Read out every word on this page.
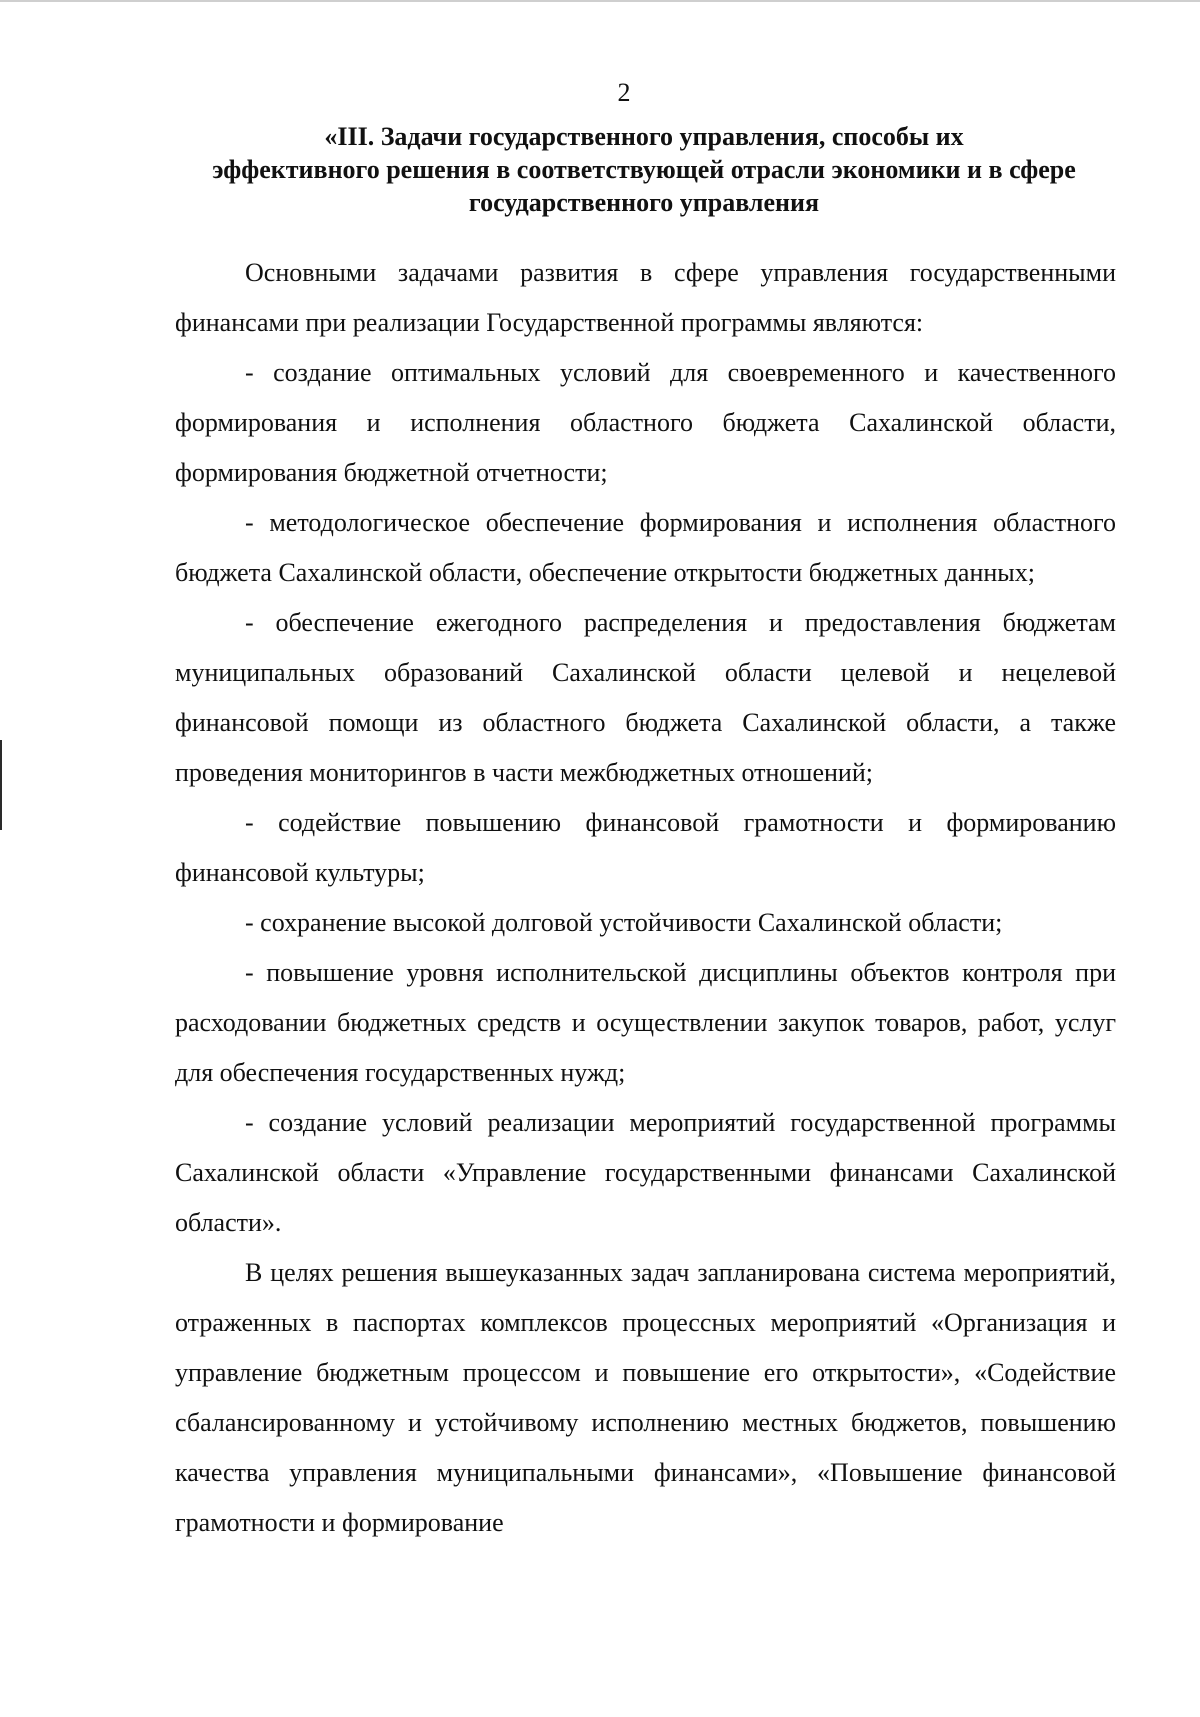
2
«III. Задачи государственного управления, способы их
эффективного решения в соответствующей отрасли экономики и в сфере
государственного управления

Основными задачами развития в сфере управления государственными финансами при реализации Государственной программы являются:

- создание оптимальных условий для своевременного и качественного формирования и исполнения областного бюджета Сахалинской области, формирования бюджетной отчетности;

- методологическое обеспечение формирования и исполнения областного бюджета Сахалинской области, обеспечение открытости бюджетных данных;

- обеспечение ежегодного распределения и предоставления бюджетам муниципальных образований Сахалинской области целевой и нецелевой финансовой помощи из областного бюджета Сахалинской области, а также проведения мониторингов в части межбюджетных отношений;

- содействие повышению финансовой грамотности и формированию финансовой культуры;

- сохранение высокой долговой устойчивости Сахалинской области;

- повышение уровня исполнительской дисциплины объектов контроля при расходовании бюджетных средств и осуществлении закупок товаров, работ, услуг для обеспечения государственных нужд;

- создание условий реализации мероприятий государственной программы Сахалинской области «Управление государственными финансами Сахалинской области».

В целях решения вышеуказанных задач запланирована система мероприятий, отраженных в паспортах комплексов процессных мероприятий «Организация и управление бюджетным процессом и повышение его открытости», «Содействие сбалансированному и устойчивому исполнению местных бюджетов, повышению качества управления муниципальными финансами», «Повышение финансовой грамотности и формирование
